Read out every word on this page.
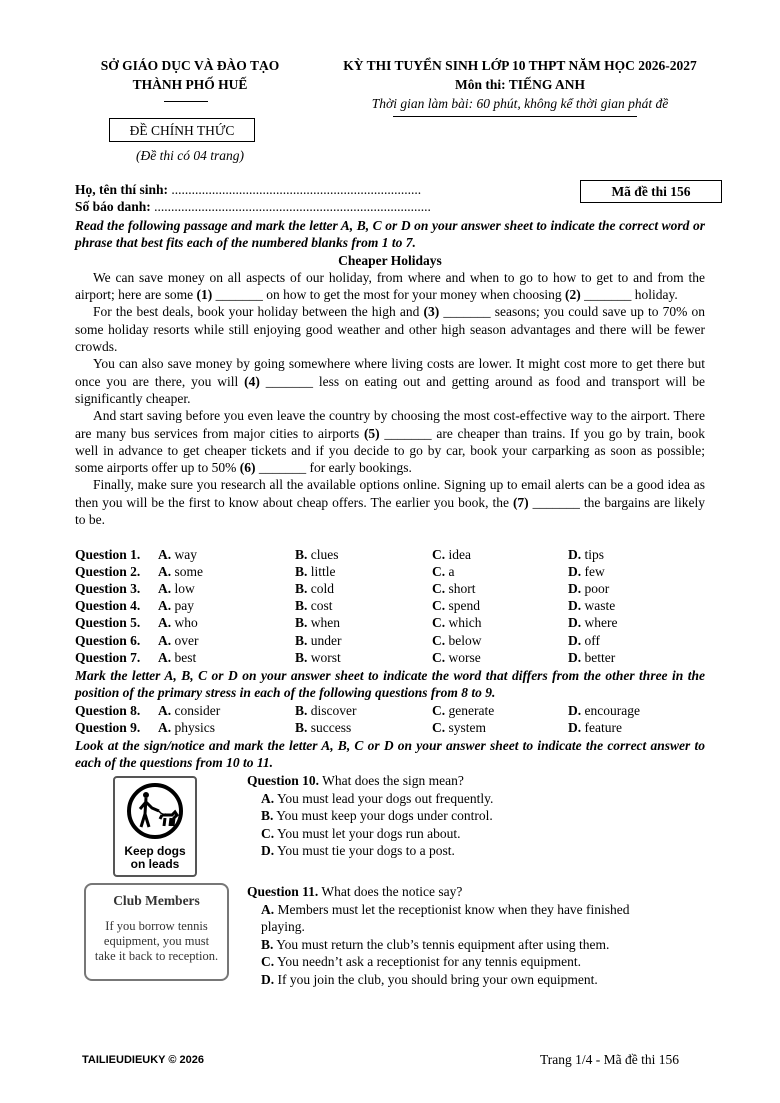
SỞ GIÁO DỤC VÀ ĐÀO TẠO
THÀNH PHỐ HUẾ
KỲ THI TUYỂN SINH LỚP 10 THPT NĂM HỌC 2026-2027
Môn thi: TIẾNG ANH
Thời gian làm bài: 60 phút, không kể thời gian phát đề
ĐỀ CHÍNH THỨC
(Đề thi có 04 trang)
Họ, tên thí sinh: ..........................................................................
Số báo danh: ..................................................................................
Mã đề thi 156
Read the following passage and mark the letter A, B, C or D on your answer sheet to indicate the correct word or phrase that best fits each of the numbered blanks from 1 to 7.
Cheaper Holidays
We can save money on all aspects of our holiday, from where and when to go to how to get to and from the airport; here are some (1) _______ on how to get the most for your money when choosing (2) _______ holiday.
For the best deals, book your holiday between the high and (3) _______ seasons; you could save up to 70% on some holiday resorts while still enjoying good weather and other high season advantages and there will be fewer crowds.
You can also save money by going somewhere where living costs are lower. It might cost more to get there but once you are there, you will (4) _______ less on eating out and getting around as food and transport will be significantly cheaper.
And start saving before you even leave the country by choosing the most cost-effective way to the airport. There are many bus services from major cities to airports (5) _______ are cheaper than trains. If you go by train, book well in advance to get cheaper tickets and if you decide to go by car, book your carparking as soon as possible; some airports offer up to 50% (6) _______ for early bookings.
Finally, make sure you research all the available options online. Signing up to email alerts can be a good idea as then you will be the first to know about cheap offers. The earlier you book, the (7) _______ the bargains are likely to be.
Question 1. A. way	B. clues	C. idea	D. tips
Question 2. A. some	B. little	C. a	D. few
Question 3. A. low	B. cold	C. short	D. poor
Question 4. A. pay	B. cost	C. spend	D. waste
Question 5. A. who	B. when	C. which	D. where
Question 6. A. over	B. under	C. below	D. off
Question 7. A. best	B. worst	C. worse	D. better
Mark the letter A, B, C or D on your answer sheet to indicate the word that differs from the other three in the position of the primary stress in each of the following questions from 8 to 9.
Question 8. A. consider	B. discover	C. generate	D. encourage
Question 9. A. physics	B. success	C. system	D. feature
Look at the sign/notice and mark the letter A, B, C or D on your answer sheet to indicate the correct answer to each of the questions from 10 to 11.
Keep dogs
on leads
Question 10. What does the sign mean?
A. You must lead your dogs out frequently.
B. You must keep your dogs under control.
C. You must let your dogs run about.
D. You must tie your dogs to a post.
Club Members
If you borrow tennis
equipment, you must
take it back to reception.
Question 11. What does the notice say?
A. Members must let the receptionist know when they have finished
playing.
B. You must return the club’s tennis equipment after using them.
C. You needn’t ask a receptionist for any tennis equipment.
D. If you join the club, you should bring your own equipment.
TAILIEUDIEUKY © 2026	Trang 1/4 - Mã đề thi 156
